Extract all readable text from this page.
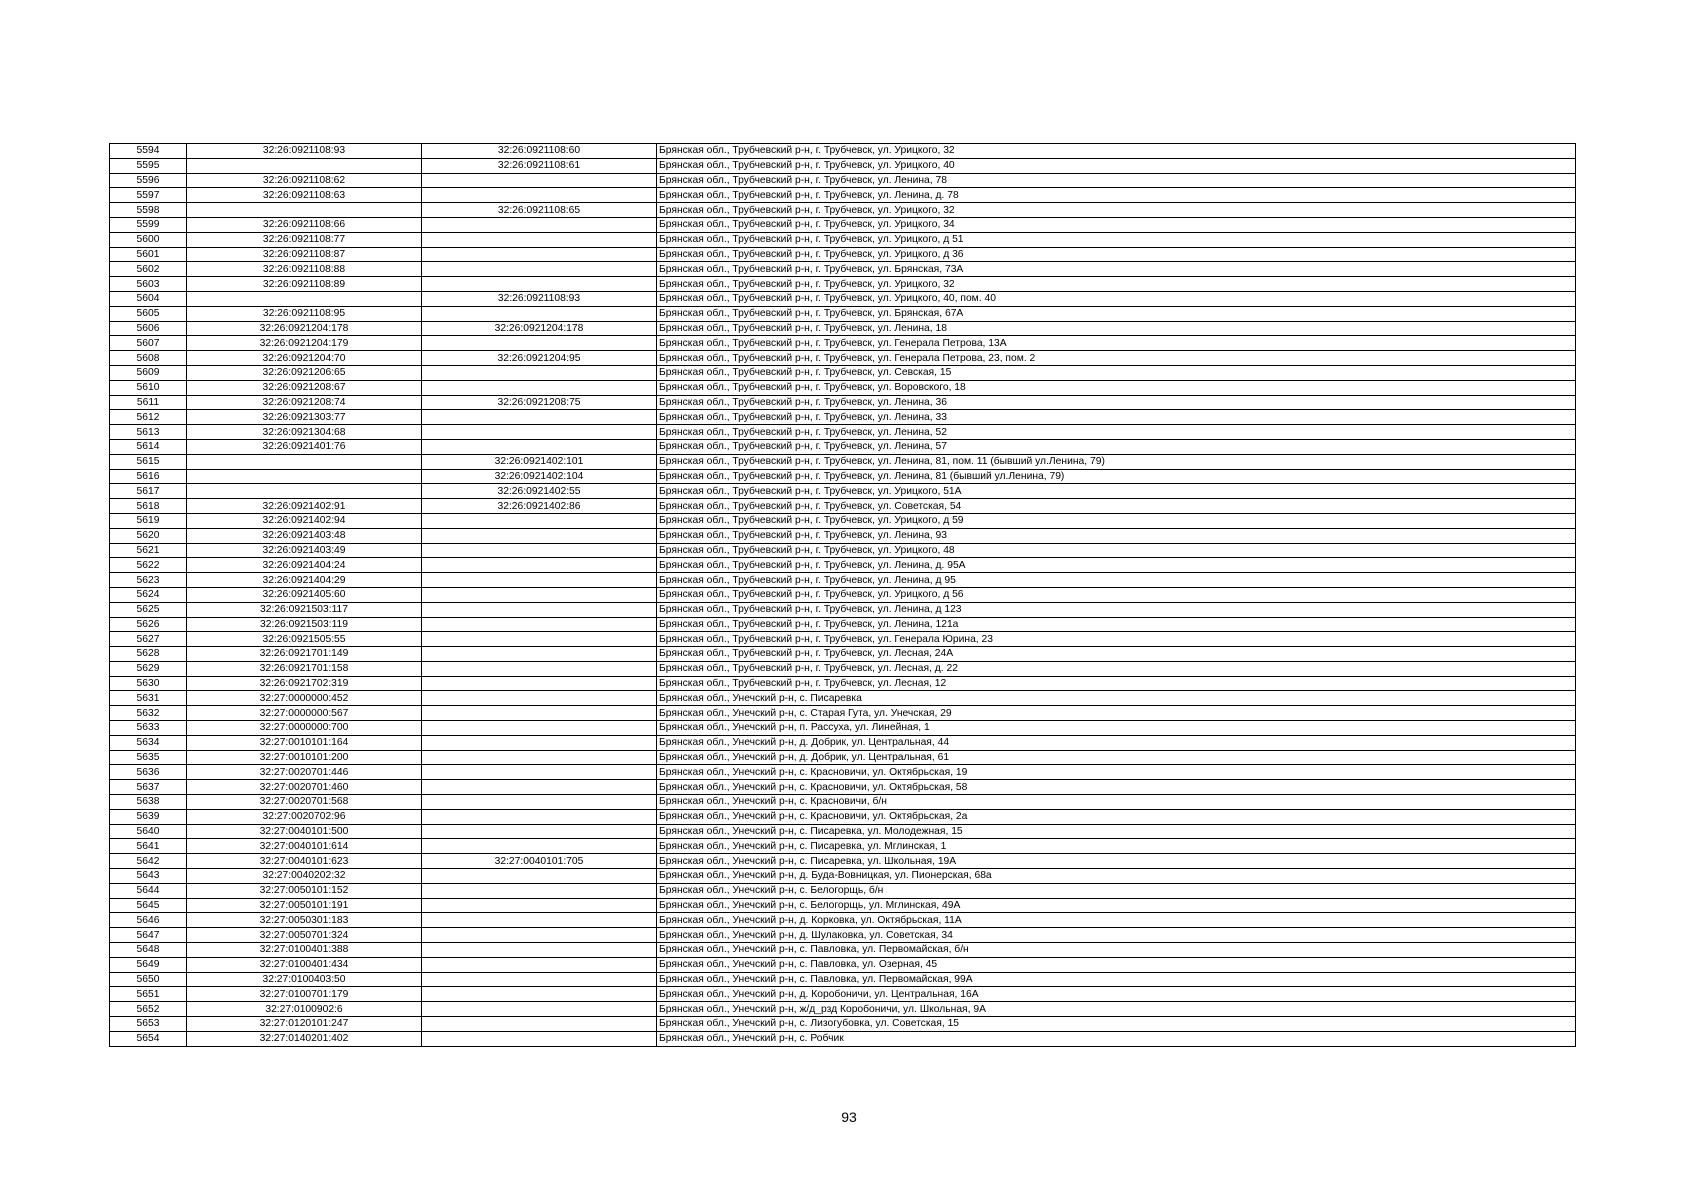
5594	32:26:0921108:93	32:26:0921108:60	Брянская обл., Трубчевский р-н, г. Трубчевск, ул. Урицкого, 32
5595		32:26:0921108:61	Брянская обл., Трубчевский р-н, г. Трубчевск, ул. Урицкого, 40
5596	32:26:0921108:62		Брянская обл., Трубчевский р-н, г. Трубчевск, ул. Ленина, 78
5597	32:26:0921108:63		Брянская обл., Трубчевский р-н, г. Трубчевск, ул. Ленина, д. 78
5598		32:26:0921108:65	Брянская обл., Трубчевский р-н, г. Трубчевск, ул. Урицкого, 32
5599	32:26:0921108:66		Брянская обл., Трубчевский р-н, г. Трубчевск, ул. Урицкого, 34
5600	32:26:0921108:77		Брянская обл., Трубчевский р-н, г. Трубчевск, ул. Урицкого, д 51
5601	32:26:0921108:87		Брянская обл., Трубчевский р-н, г. Трубчевск, ул. Урицкого, д 36
5602	32:26:0921108:88		Брянская обл., Трубчевский р-н, г. Трубчевск, ул. Брянская, 73А
5603	32:26:0921108:89		Брянская обл., Трубчевский р-н, г. Трубчевск, ул. Урицкого, 32
5604		32:26:0921108:93	Брянская обл., Трубчевский р-н, г. Трубчевск, ул. Урицкого, 40, пом. 40
5605	32:26:0921108:95		Брянская обл., Трубчевский р-н, г. Трубчевск, ул. Брянская, 67А
5606	32:26:0921204:178	32:26:0921204:178	Брянская обл., Трубчевский р-н, г. Трубчевск, ул. Ленина, 18
5607	32:26:0921204:179		Брянская обл., Трубчевский р-н, г. Трубчевск, ул. Генерала Петрова, 13А
5608	32:26:0921204:70	32:26:0921204:95	Брянская обл., Трубчевский р-н, г. Трубчевск, ул. Генерала Петрова, 23, пом. 2
5609	32:26:0921206:65		Брянская обл., Трубчевский р-н, г. Трубчевск, ул. Севская, 15
5610	32:26:0921208:67		Брянская обл., Трубчевский р-н, г. Трубчевск, ул. Воровского, 18
5611	32:26:0921208:74	32:26:0921208:75	Брянская обл., Трубчевский р-н, г. Трубчевск, ул. Ленина, 36
5612	32:26:0921303:77		Брянская обл., Трубчевский р-н, г. Трубчевск, ул. Ленина, 33
5613	32:26:0921304:68		Брянская обл., Трубчевский р-н, г. Трубчевск, ул. Ленина, 52
5614	32:26:0921401:76		Брянская обл., Трубчевский р-н, г. Трубчевск, ул. Ленина, 57
5615		32:26:0921402:101	Брянская обл., Трубчевский р-н, г. Трубчевск, ул. Ленина, 81, пом. 11 (бывший ул.Ленина, 79)
5616		32:26:0921402:104	Брянская обл., Трубчевский р-н, г. Трубчевск, ул. Ленина, 81 (бывший ул.Ленина, 79)
5617		32:26:0921402:55	Брянская обл., Трубчевский р-н, г. Трубчевск, ул. Урицкого, 51А
5618	32:26:0921402:91	32:26:0921402:86	Брянская обл., Трубчевский р-н, г. Трубчевск, ул. Советская, 54
5619	32:26:0921402:94		Брянская обл., Трубчевский р-н, г. Трубчевск, ул. Урицкого, д 59
5620	32:26:0921403:48		Брянская обл., Трубчевский р-н, г. Трубчевск, ул. Ленина, 93
5621	32:26:0921403:49		Брянская обл., Трубчевский р-н, г. Трубчевск, ул. Урицкого, 48
5622	32:26:0921404:24		Брянская обл., Трубчевский р-н, г. Трубчевск, ул. Ленина, д. 95А
5623	32:26:0921404:29		Брянская обл., Трубчевский р-н, г. Трубчевск, ул. Ленина, д 95
5624	32:26:0921405:60		Брянская обл., Трубчевский р-н, г. Трубчевск, ул. Урицкого, д 56
5625	32:26:0921503:117		Брянская обл., Трубчевский р-н, г. Трубчевск, ул. Ленина, д 123
5626	32:26:0921503:119		Брянская обл., Трубчевский р-н, г. Трубчевск, ул. Ленина, 121а
5627	32:26:0921505:55		Брянская обл., Трубчевский р-н, г. Трубчевск, ул. Генерала Юрина, 23
5628	32:26:0921701:149		Брянская обл., Трубчевский р-н, г. Трубчевск, ул. Лесная, 24А
5629	32:26:0921701:158		Брянская обл., Трубчевский р-н, г. Трубчевск, ул. Лесная, д. 22
5630	32:26:0921702:319		Брянская обл., Трубчевский р-н, г. Трубчевск, ул. Лесная, 12
5631	32:27:0000000:452		Брянская обл., Унечский р-н, с. Писаревка
5632	32:27:0000000:567		Брянская обл., Унечский р-н, с. Старая Гута, ул. Унечская, 29
5633	32:27:0000000:700		Брянская обл., Унечский р-н, п. Рассуха, ул. Линейная, 1
5634	32:27:0010101:164		Брянская обл., Унечский р-н, д. Добрик, ул. Центральная, 44
5635	32:27:0010101:200		Брянская обл., Унечский р-н, д. Добрик, ул. Центральная, 61
5636	32:27:0020701:446		Брянская обл., Унечский р-н, с. Красновичи, ул. Октябрьская, 19
5637	32:27:0020701:460		Брянская обл., Унечский р-н, с. Красновичи, ул. Октябрьская, 58
5638	32:27:0020701:568		Брянская обл., Унечский р-н, с. Красновичи, б/н
5639	32:27:0020702:96		Брянская обл., Унечский р-н, с. Красновичи, ул. Октябрьская, 2а
5640	32:27:0040101:500		Брянская обл., Унечский р-н, с. Писаревка, ул. Молодежная, 15
5641	32:27:0040101:614		Брянская обл., Унечский р-н, с. Писаревка, ул. Мглинская, 1
5642	32:27:0040101:623	32:27:0040101:705	Брянская обл., Унечский р-н, с. Писаревка, ул. Школьная, 19А
5643	32:27:0040202:32		Брянская обл., Унечский р-н, д. Буда-Вовницкая, ул. Пионерская, 68а
5644	32:27:0050101:152		Брянская обл., Унечский р-н, с. Белогорщь, б/н
5645	32:27:0050101:191		Брянская обл., Унечский р-н, с. Белогорщь, ул. Мглинская, 49А
5646	32:27:0050301:183		Брянская обл., Унечский р-н, д. Корковка, ул. Октябрьская, 11А
5647	32:27:0050701:324		Брянская обл., Унечский р-н, д. Шулаковка, ул. Советская, 34
5648	32:27:0100401:388		Брянская обл., Унечский р-н, с. Павловка, ул. Первомайская, б/н
5649	32:27:0100401:434		Брянская обл., Унечский р-н, с. Павловка, ул. Озерная, 45
5650	32:27:0100403:50		Брянская обл., Унечский р-н, с. Павловка, ул. Первомайская, 99А
5651	32:27:0100701:179		Брянская обл., Унечский р-н, д. Коробоничи, ул. Центральная, 16А
5652	32:27:0100902:6		Брянская обл., Унечский р-н, ж/д_рзд Коробоничи, ул. Школьная, 9А
5653	32:27:0120101:247		Брянская обл., Унечский р-н, с. Лизогубовка, ул. Советская, 15
5654	32:27:0140201:402		Брянская обл., Унечский р-н, с. Робчик
93
